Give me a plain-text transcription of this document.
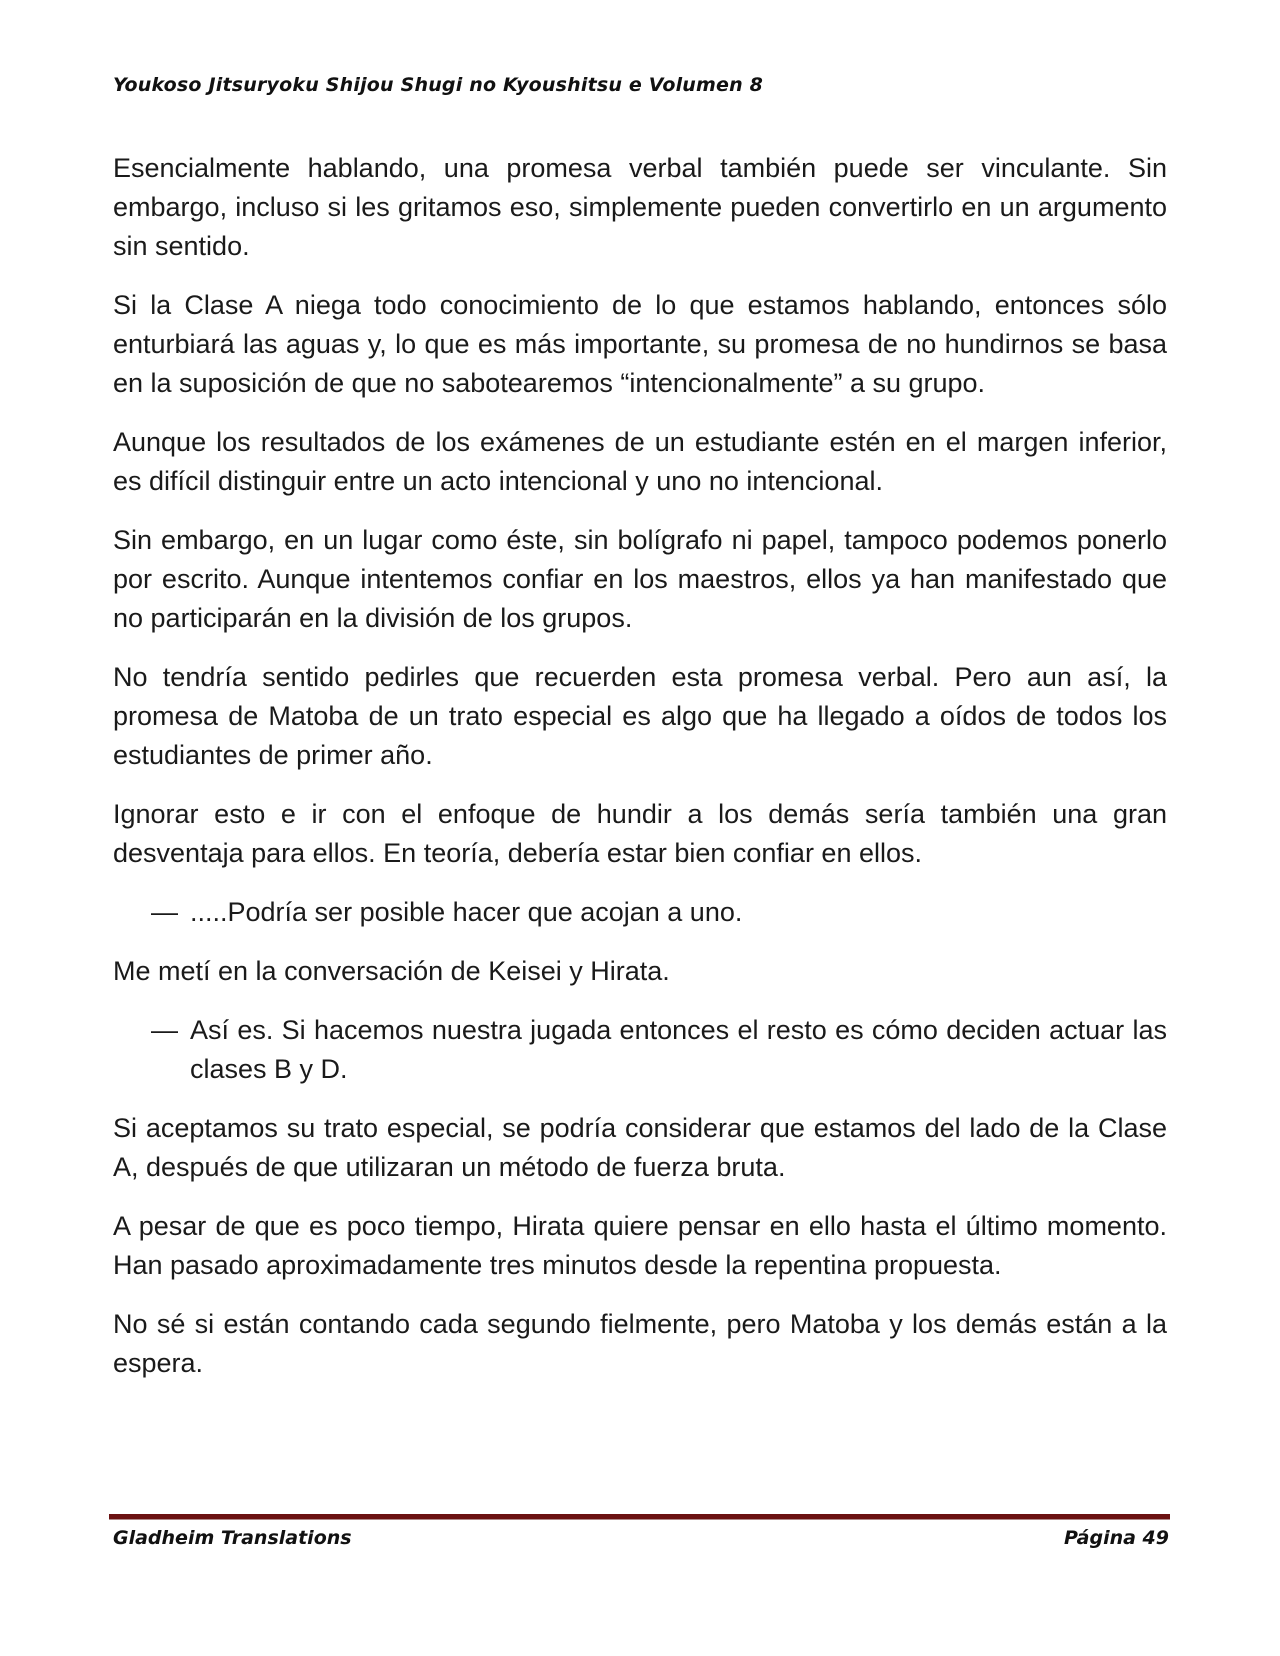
Youkoso Jitsuryoku Shijou Shugi no Kyoushitsu e Volumen 8

Esencialmente hablando, una promesa verbal también puede ser vinculante. Sin embargo, incluso si les gritamos eso, simplemente pueden convertirlo en un argumento sin sentido.

Si la Clase A niega todo conocimiento de lo que estamos hablando, entonces sólo enturbiará las aguas y, lo que es más importante, su promesa de no hundirnos se basa en la suposición de que no sabotearemos “intencionalmente” a su grupo.

Aunque los resultados de los exámenes de un estudiante estén en el margen inferior, es difícil distinguir entre un acto intencional y uno no intencional.

Sin embargo, en un lugar como éste, sin bolígrafo ni papel, tampoco podemos ponerlo por escrito. Aunque intentemos confiar en los maestros, ellos ya han manifestado que no participarán en la división de los grupos.

No tendría sentido pedirles que recuerden esta promesa verbal. Pero aun así, la promesa de Matoba de un trato especial es algo que ha llegado a oídos de todos los estudiantes de primer año.

Ignorar esto e ir con el enfoque de hundir a los demás sería también una gran desventaja para ellos. En teoría, debería estar bien confiar en ellos.

— .....Podría ser posible hacer que acojan a uno.

Me metí en la conversación de Keisei y Hirata.

— Así es. Si hacemos nuestra jugada entonces el resto es cómo deciden actuar las clases B y D.

Si aceptamos su trato especial, se podría considerar que estamos del lado de la Clase A, después de que utilizaran un método de fuerza bruta.

A pesar de que es poco tiempo, Hirata quiere pensar en ello hasta el último momento. Han pasado aproximadamente tres minutos desde la repentina propuesta.

No sé si están contando cada segundo fielmente, pero Matoba y los demás están a la espera.

Gladheim Translations	Página 49
